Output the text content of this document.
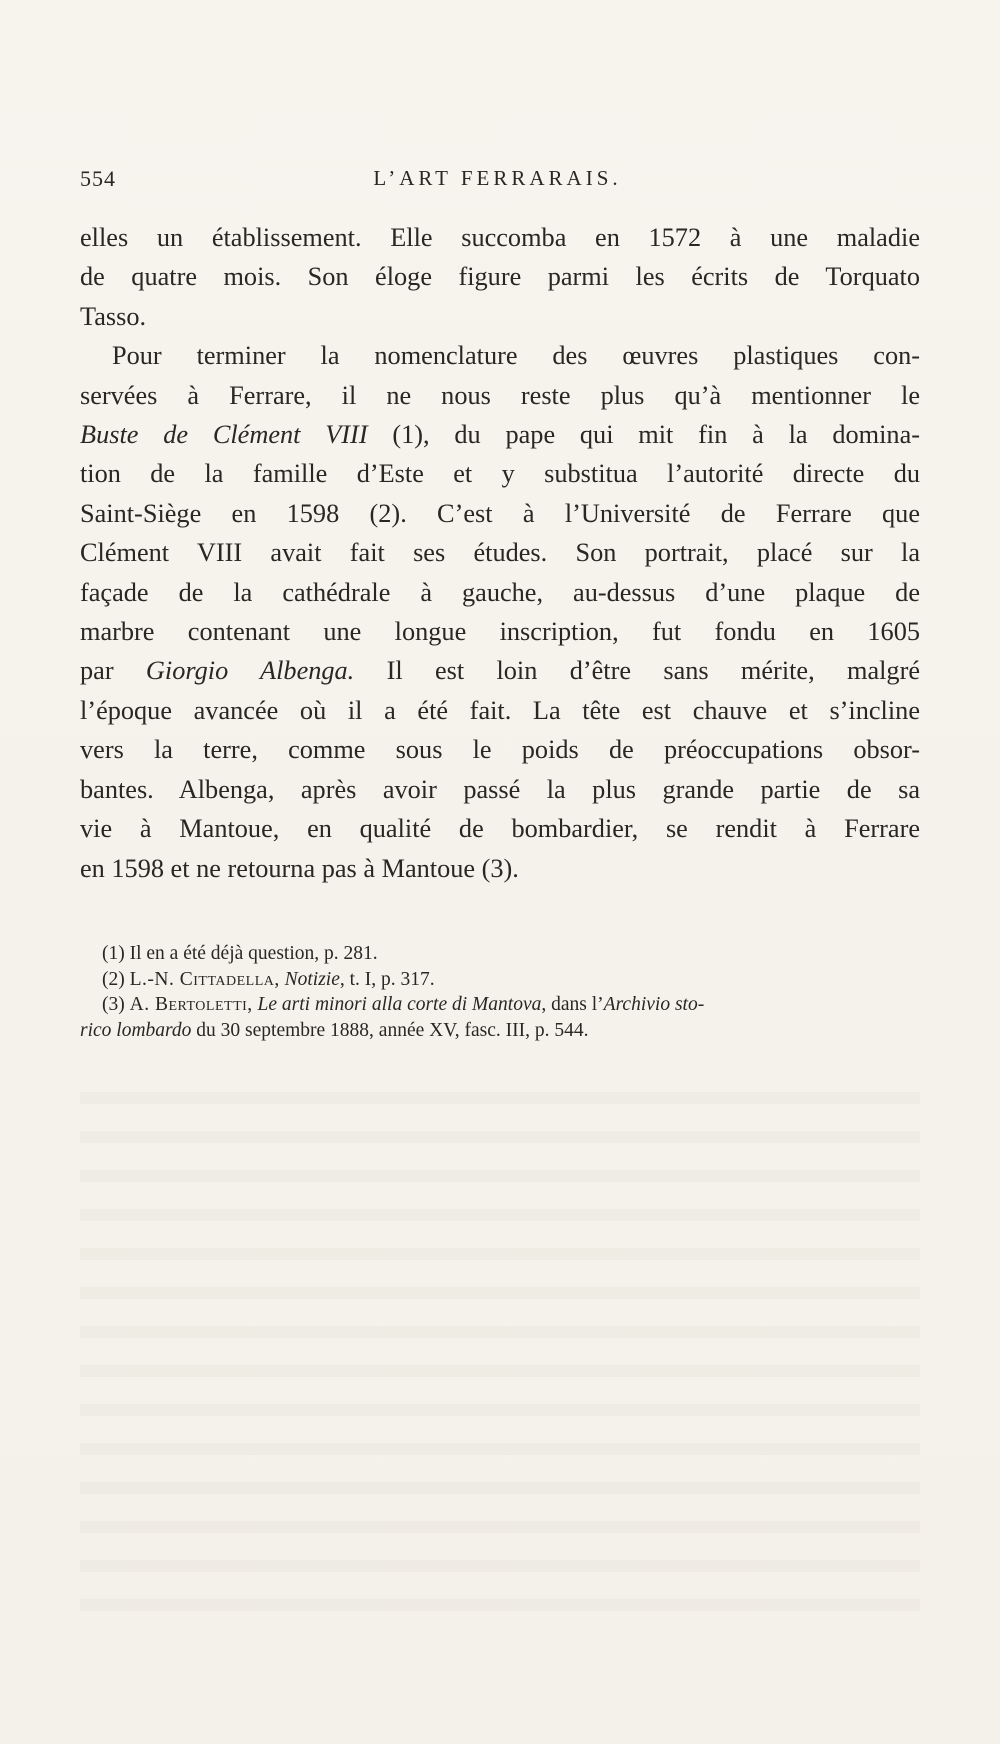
554	L’ART FERRARAIS.
elles un établissement. Elle succomba en 1572 à une maladie
de quatre mois. Son éloge figure parmi les écrits de Torquato
Tasso.
Pour terminer la nomenclature des œuvres plastiques con-
servées à Ferrare, il ne nous reste plus qu’à mentionner le
Buste de Clément VIII (1), du pape qui mit fin à la domina-
tion de la famille d’Este et y substitua l’autorité directe du
Saint-Siège en 1598 (2). C’est à l’Université de Ferrare que
Clément VIII avait fait ses études. Son portrait, placé sur la
façade de la cathédrale à gauche, au-dessus d’une plaque de
marbre contenant une longue inscription, fut fondu en 1605
par Giorgio Albenga. Il est loin d’être sans mérite, malgré
l’époque avancée où il a été fait. La tête est chauve et s’incline
vers la terre, comme sous le poids de préoccupations obsor-
bantes. Albenga, après avoir passé la plus grande partie de sa
vie à Mantoue, en qualité de bombardier, se rendit à Ferrare
en 1598 et ne retourna pas à Mantoue (3).
(1) Il en a été déjà question, p. 281.
(2) L.-N. Cittadella, Notizie, t. I, p. 317.
(3) A. Bertoletti, Le arti minori alla corte di Mantova, dans l’Archivio sto-
rico lombardo du 30 septembre 1888, année XV, fasc. III, p. 544.
